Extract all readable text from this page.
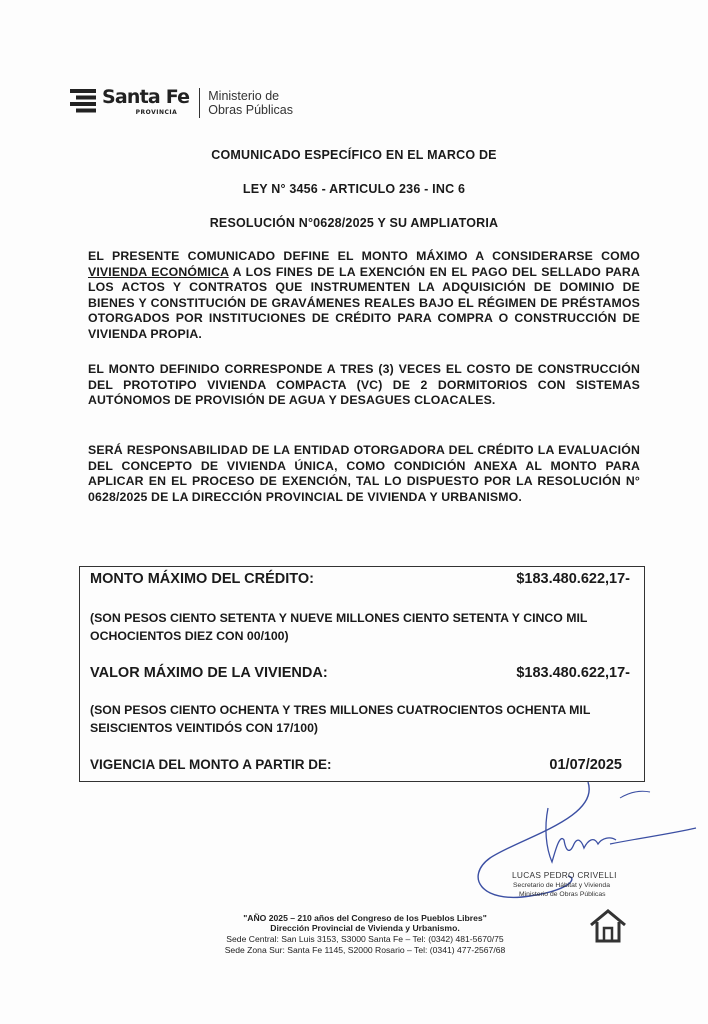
Santa Fe
PROVINCIA
Ministerio de
Obras Públicas
COMUNICADO ESPECÍFICO EN EL MARCO DE
LEY N° 3456 - ARTICULO 236 - INC 6
RESOLUCIÓN N°0628/2025 Y SU AMPLIATORIA
EL PRESENTE COMUNICADO DEFINE EL MONTO MÁXIMO A CONSIDERARSE COMO VIVIENDA ECONÓMICA A LOS FINES DE LA EXENCIÓN EN EL PAGO DEL SELLADO PARA LOS ACTOS Y CONTRATOS QUE INSTRUMENTEN LA ADQUISICIÓN DE DOMINIO DE BIENES Y CONSTITUCIÓN DE GRAVÁMENES REALES BAJO EL RÉGIMEN DE PRÉSTAMOS OTORGADOS POR INSTITUCIONES DE CRÉDITO PARA COMPRA O CONSTRUCCIÓN DE VIVIENDA PROPIA.
EL MONTO DEFINIDO CORRESPONDE A TRES (3) VECES EL COSTO DE CONSTRUCCIÓN DEL PROTOTIPO VIVIENDA COMPACTA (VC) DE 2 DORMITORIOS CON SISTEMAS AUTÓNOMOS DE PROVISIÓN DE AGUA Y DESAGUES CLOACALES.
SERÁ RESPONSABILIDAD DE LA ENTIDAD OTORGADORA DEL CRÉDITO LA EVALUACIÓN DEL CONCEPTO DE VIVIENDA ÚNICA, COMO CONDICIÓN ANEXA AL MONTO PARA APLICAR EN EL PROCESO DE EXENCIÓN, TAL LO DISPUESTO POR LA RESOLUCIÓN N° 0628/2025 DE LA DIRECCIÓN PROVINCIAL DE VIVIENDA Y URBANISMO.
MONTO MÁXIMO DEL CRÉDITO:	$183.480.622,17-
(SON PESOS CIENTO SETENTA Y NUEVE MILLONES CIENTO SETENTA Y CINCO MIL OCHOCIENTOS DIEZ CON 00/100)
VALOR MÁXIMO DE LA VIVIENDA:	$183.480.622,17-
(SON PESOS CIENTO OCHENTA Y TRES MILLONES CUATROCIENTOS OCHENTA MIL SEISCIENTOS VEINTIDÓS CON 17/100)
VIGENCIA DEL MONTO A PARTIR DE:	01/07/2025
LUCAS PEDRO CRIVELLI
Secretario de Hábitat y Vivienda
Ministerio de Obras Públicas
"AÑO 2025 – 210 años del Congreso de los Pueblos Libres"
Dirección Provincial de Vivienda y Urbanismo.
Sede Central: San Luis 3153, S3000 Santa Fe – Tel: (0342) 481-5670/75
Sede Zona Sur: Santa Fe 1145, S2000 Rosario – Tel: (0341) 477-2567/68
